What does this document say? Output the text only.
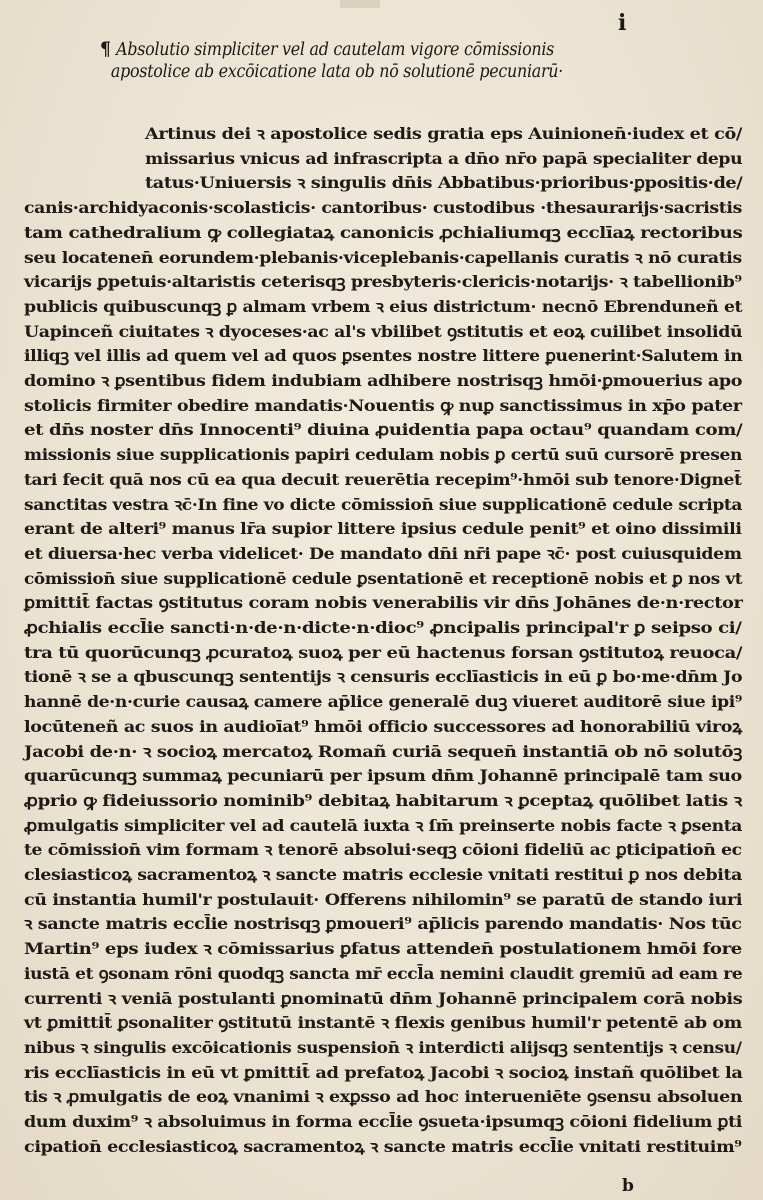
i
¶ Absolutio simpliciter vel ad cautelam vigore cōmissionis
apostolice ab excōicatione lata ob nō solutionē pecuniarū·
Artinus dei ꝛ apostolice sedis gratia eps Auinionen̄·iudex et cō/
missarius vnicus ad infrascripta a dn̄o nr̄o papā specialiter depu
tatus·Uniuersis ꝛ singulis dn̄is Abbatibus·prioribus·ꝑpositis·de/
canis·archidyaconis·scolasticis· cantoribus· custodibus ·thesaurarijs·sacristis
tam cathedralium ꝙ collegiataꝝ canonicis ꝓchialiumqꝫ ecclīaꝝ rectoribus
seu locatenen̄ eorundem·plebanis·viceplebanis·capellanis curatis ꝛ nō curatis
vicarijs ꝑpetuis·altaristis ceterisqꝫ presbyteris·clericis·notarijs· ꝛ tabellionib⁹
publicis quibuscunqꝫ ꝑ almam vrbem ꝛ eius districtum· necnō Ebrenduneñ et
Uapinceñ ciuitates ꝛ dyoceses·ac al's vbilibet ꝯstitutis et eoꝝ cuilibet insolidū
illiqꝫ vel illis ad quem vel ad quos ꝑsentes nostre littere ꝑuenerint·Salutem in
domino ꝛ ꝑsentibus fidem indubiam adhibere nostrisqꝫ hmōi·ꝑmouerius apo
stolicis firmiter obedire mandatis·Nouentis ꝙ nuꝑ sanctissimus in xp̄o pater
et dn̄s noster dn̄s Innocenti⁹ diuina ꝓuidentia papa octau⁹ quandam com/
missionis siue supplicationis papiri cedulam nobis ꝑ certū suū cursorē presen
tari fecit quā nos cū ea qua decuit reuerētia recepim⁹·hmōi sub tenore·Dignet̄
sanctitas vestra ꝛc̄·In fine vo dicte cōmission̄ siue supplicationē cedule scripta
erant de alteri⁹ manus lr̄a supior littere ipsius cedule penit⁹ et oino dissimili
et diuersa·hec verba videlicet· De mandato dn̄i nr̄i pape ꝛc̄· post cuiusquidem
cōmission̄ siue supplicationē cedule ꝑsentationē et receptionē nobis et ꝑ nos vt
ꝑmittit̄ factas ꝯstitutus coram nobis venerabilis vir dn̄s Johānes de·n·rector
ꝓchialis eccl̄ie sancti·n·de·n·dicte·n·dioc⁹ ꝓncipalis principal'r ꝑ seipso ci/
tra tū quorūcunqꝫ ꝓcuratoꝝ suoꝝ per eū hactenus forsan ꝯstitutoꝝ reuoca/
tionē ꝛ se a qbuscunqꝫ sententijs ꝛ censuris ecclīasticis in eū ꝑ bo·me·dn̄m Jo
hannē de·n·curie causaꝝ camere ap̄lice generalē duꝫ viueret auditorē siue ipi⁹
locūteneñ ac suos in audioīat⁹ hmōi officio successores ad honorabiliū viroꝝ
Jacobi de·n· ꝛ socioꝝ mercatoꝝ Romañ curiā sequen̄ instantiā ob nō solutōꝫ
quarūcunqꝫ summaꝝ pecuniarū per ipsum dn̄m Johannē principalē tam suo
ꝓprio ꝙ fideiussorio nominib⁹ debitaꝝ habitarum ꝛ ꝑceptaꝝ quōlibet latis ꝛ
ꝓmulgatis simpliciter vel ad cautelā iuxta ꝛ ſm̄ preinserte nobis facte ꝛ ꝑsenta
te cōmission̄ vim formam ꝛ tenorē absolui·seqꝫ cōioni fideliū ac ꝑticipation̄ ec
clesiasticoꝝ sacramentoꝝ ꝛ sancte matris ecclesie vnitati restitui ꝑ nos debita
cū instantia humil'r postulauit· Offerens nihilomin⁹ se paratū de stando iuri
ꝛ sancte matris eccl̄ie nostrisqꝫ ꝑmoueri⁹ ap̄licis parendo mandatis· Nos tūc
Martin⁹ eps iudex ꝛ cōmissarius ꝑfatus attenden̄ postulationem hmōi fore
iustā et ꝯsonam rōni quodqꝫ sancta mr̄ eccl̄a nemini claudit gremiū ad eam re
currenti ꝛ veniā postulanti ꝑnominatū dn̄m Johannē principalem corā nobis
vt ꝑmittit̄ ꝑsonaliter ꝯstitutū instantē ꝛ flexis genibus humil'r petentē ab om
nibus ꝛ singulis excōicationis suspension̄ ꝛ interdicti alijsqꝫ sententijs ꝛ censu/
ris ecclīasticis in eū vt ꝑmittit̄ ad prefatoꝝ Jacobi ꝛ socioꝝ instañ quōlibet la
tis ꝛ ꝓmulgatis de eoꝝ vnanimi ꝛ exꝑsso ad hoc interueniēte ꝯsensu absoluen
dum duxim⁹ ꝛ absoluimus in forma eccl̄ie ꝯsueta·ipsumqꝫ cōioni fidelium ꝑti
cipation̄ ecclesiasticoꝝ sacramentoꝝ ꝛ sancte matris eccl̄ie vnitati restituim⁹
b
